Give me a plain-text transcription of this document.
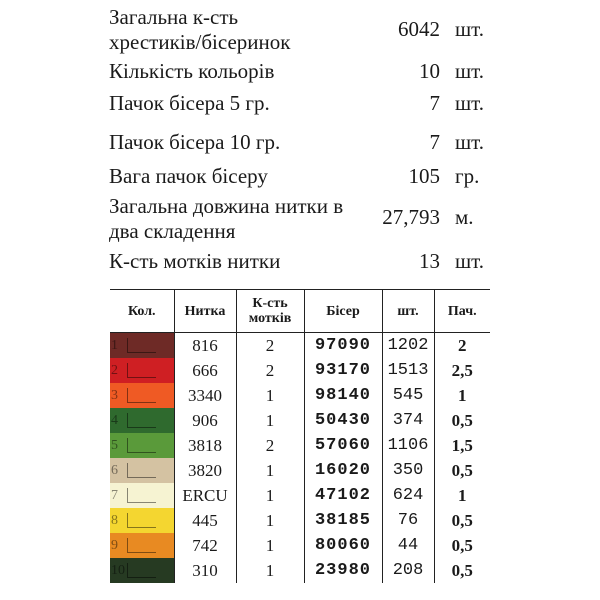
Загальна к-сть
хрестиків/бісеринок
6042 шт.
Кількість кольорів	10 шт.
Пачок бісера 5 гр.	7 шт.
Пачок бісера 10 гр.	7 шт.
Вага пачок бісеру	105 гр.
Загальна довжина нитки в
два складення
27,793 м.
К-сть мотків нитки	13 шт.
Кол.	Нитка	К-сть мотків	Бісер	шт.	Пач.

1	816	2	97090	1202	2

2	666	2	93170	1513	2,5

3	3340	1	98140	545	1

4	906	1	50430	374	0,5

5	3818	2	57060	1106	1,5

6	3820	1	16020	350	0,5

7	ERCU	1	47102	624	1

8	445	1	38185	76	0,5

9	742	1	80060	44	0,5

10	310	1	23980	208	0,5
